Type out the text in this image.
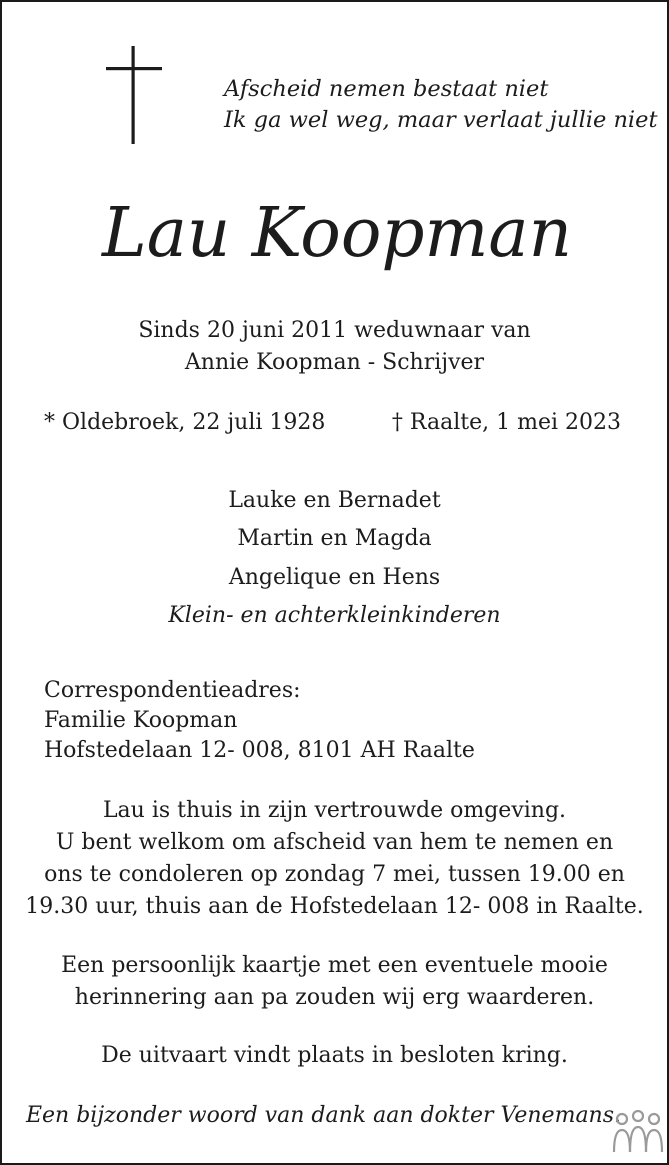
Afscheid nemen bestaat niet
Ik ga wel weg, maar verlaat jullie niet
Lau Koopman
Sinds 20 juni 2011 weduwnaar van
Annie Koopman - Schrijver
* Oldebroek, 22 juli 1928	† Raalte, 1 mei 2023
Lauke en Bernadet
Martin en Magda
Angelique en Hens
Klein- en achterkleinkinderen
Correspondentieadres:
Familie Koopman
Hofstedelaan 12- 008, 8101 AH Raalte
Lau is thuis in zijn vertrouwde omgeving.
U bent welkom om afscheid van hem te nemen en
ons te condoleren op zondag 7 mei, tussen 19.00 en
19.30 uur, thuis aan de Hofstedelaan 12- 008 in Raalte.
Een persoonlijk kaartje met een eventuele mooie
herinnering aan pa zouden wij erg waarderen.
De uitvaart vindt plaats in besloten kring.
Een bijzonder woord van dank aan dokter Venemans.
